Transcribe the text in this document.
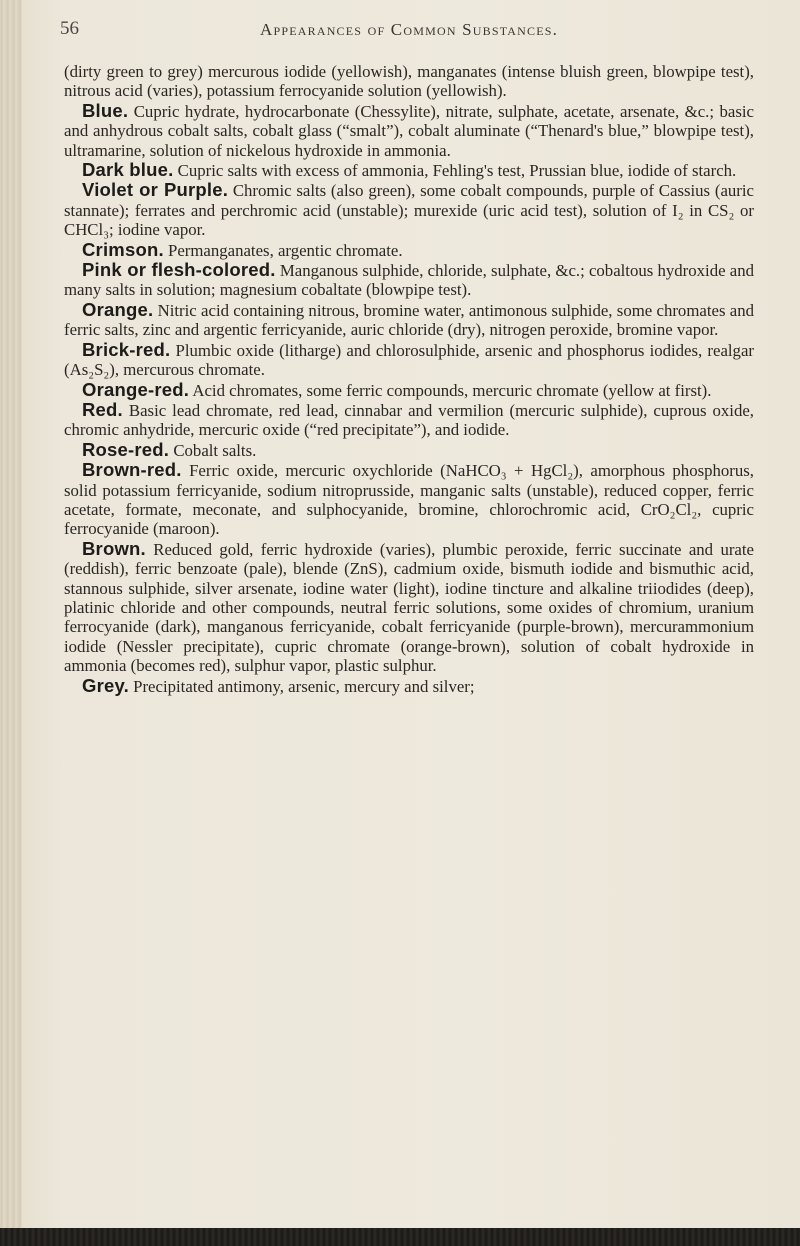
56	Appearances of Common Substances.

(dirty green to grey) mercurous iodide (yellowish), manganates (intense bluish green, blowpipe test), nitrous acid (varies), potassium ferrocyanide solution (yellowish).

Blue. Cupric hydrate, hydrocarbonate (Chessylite), nitrate, sulphate, acetate, arsenate, &c.; basic and anhydrous cobalt salts, cobalt glass (“smalt”), cobalt aluminate (“Thenard's blue,” blowpipe test), ultramarine, solution of nickelous hydroxide in ammonia.

Dark blue. Cupric salts with excess of ammonia, Fehling's test, Prussian blue, iodide of starch.

Violet or Purple. Chromic salts (also green), some cobalt compounds, purple of Cassius (auric stannate); ferrates and perchromic acid (unstable); murexide (uric acid test), solution of I₂ in CS₂ or CHCl₃; iodine vapor.

Crimson. Permanganates, argentic chromate.

Pink or flesh-colored. Manganous sulphide, chloride, sulphate, &c.; cobaltous hydroxide and many salts in solution; magnesium cobaltate (blowpipe test).

Orange. Nitric acid containing nitrous, bromine water, antimonous sulphide, some chromates and ferric salts, zinc and argentic ferricyanide, auric chloride (dry), nitrogen peroxide, bromine vapor.

Brick-red. Plumbic oxide (litharge) and chlorosulphide, arsenic and phosphorus iodides, realgar (As₂S₂), mercurous chromate.

Orange-red. Acid chromates, some ferric compounds, mercuric chromate (yellow at first).

Red. Basic lead chromate, red lead, cinnabar and vermilion (mercuric sulphide), cuprous oxide, chromic anhydride, mercuric oxide (“red precipitate”), and iodide.

Rose-red. Cobalt salts.

Brown-red. Ferric oxide, mercuric oxychloride (NaHCO₃ + HgCl₂), amorphous phosphorus, solid potassium ferricyanide, sodium nitroprusside, manganic salts (unstable), reduced copper, ferric acetate, formate, meconate, and sulphocyanide, bromine, chlorochromic acid, CrO₂Cl₂, cupric ferrocyanide (maroon).

Brown. Reduced gold, ferric hydroxide (varies), plumbic peroxide, ferric succinate and urate (reddish), ferric benzoate (pale), blende (ZnS), cadmium oxide, bismuth iodide and bismuthic acid, stannous sulphide, silver arsenate, iodine water (light), iodine tincture and alkaline triiodides (deep), platinic chloride and other compounds, neutral ferric solutions, some oxides of chromium, uranium ferrocyanide (dark), manganous ferricyanide, cobalt ferricyanide (purple-brown), mercurammonium iodide (Nessler precipitate), cupric chromate (orange-brown), solution of cobalt hydroxide in ammonia (becomes red), sulphur vapor, plastic sulphur.

Grey. Precipitated antimony, arsenic, mercury and silver;
